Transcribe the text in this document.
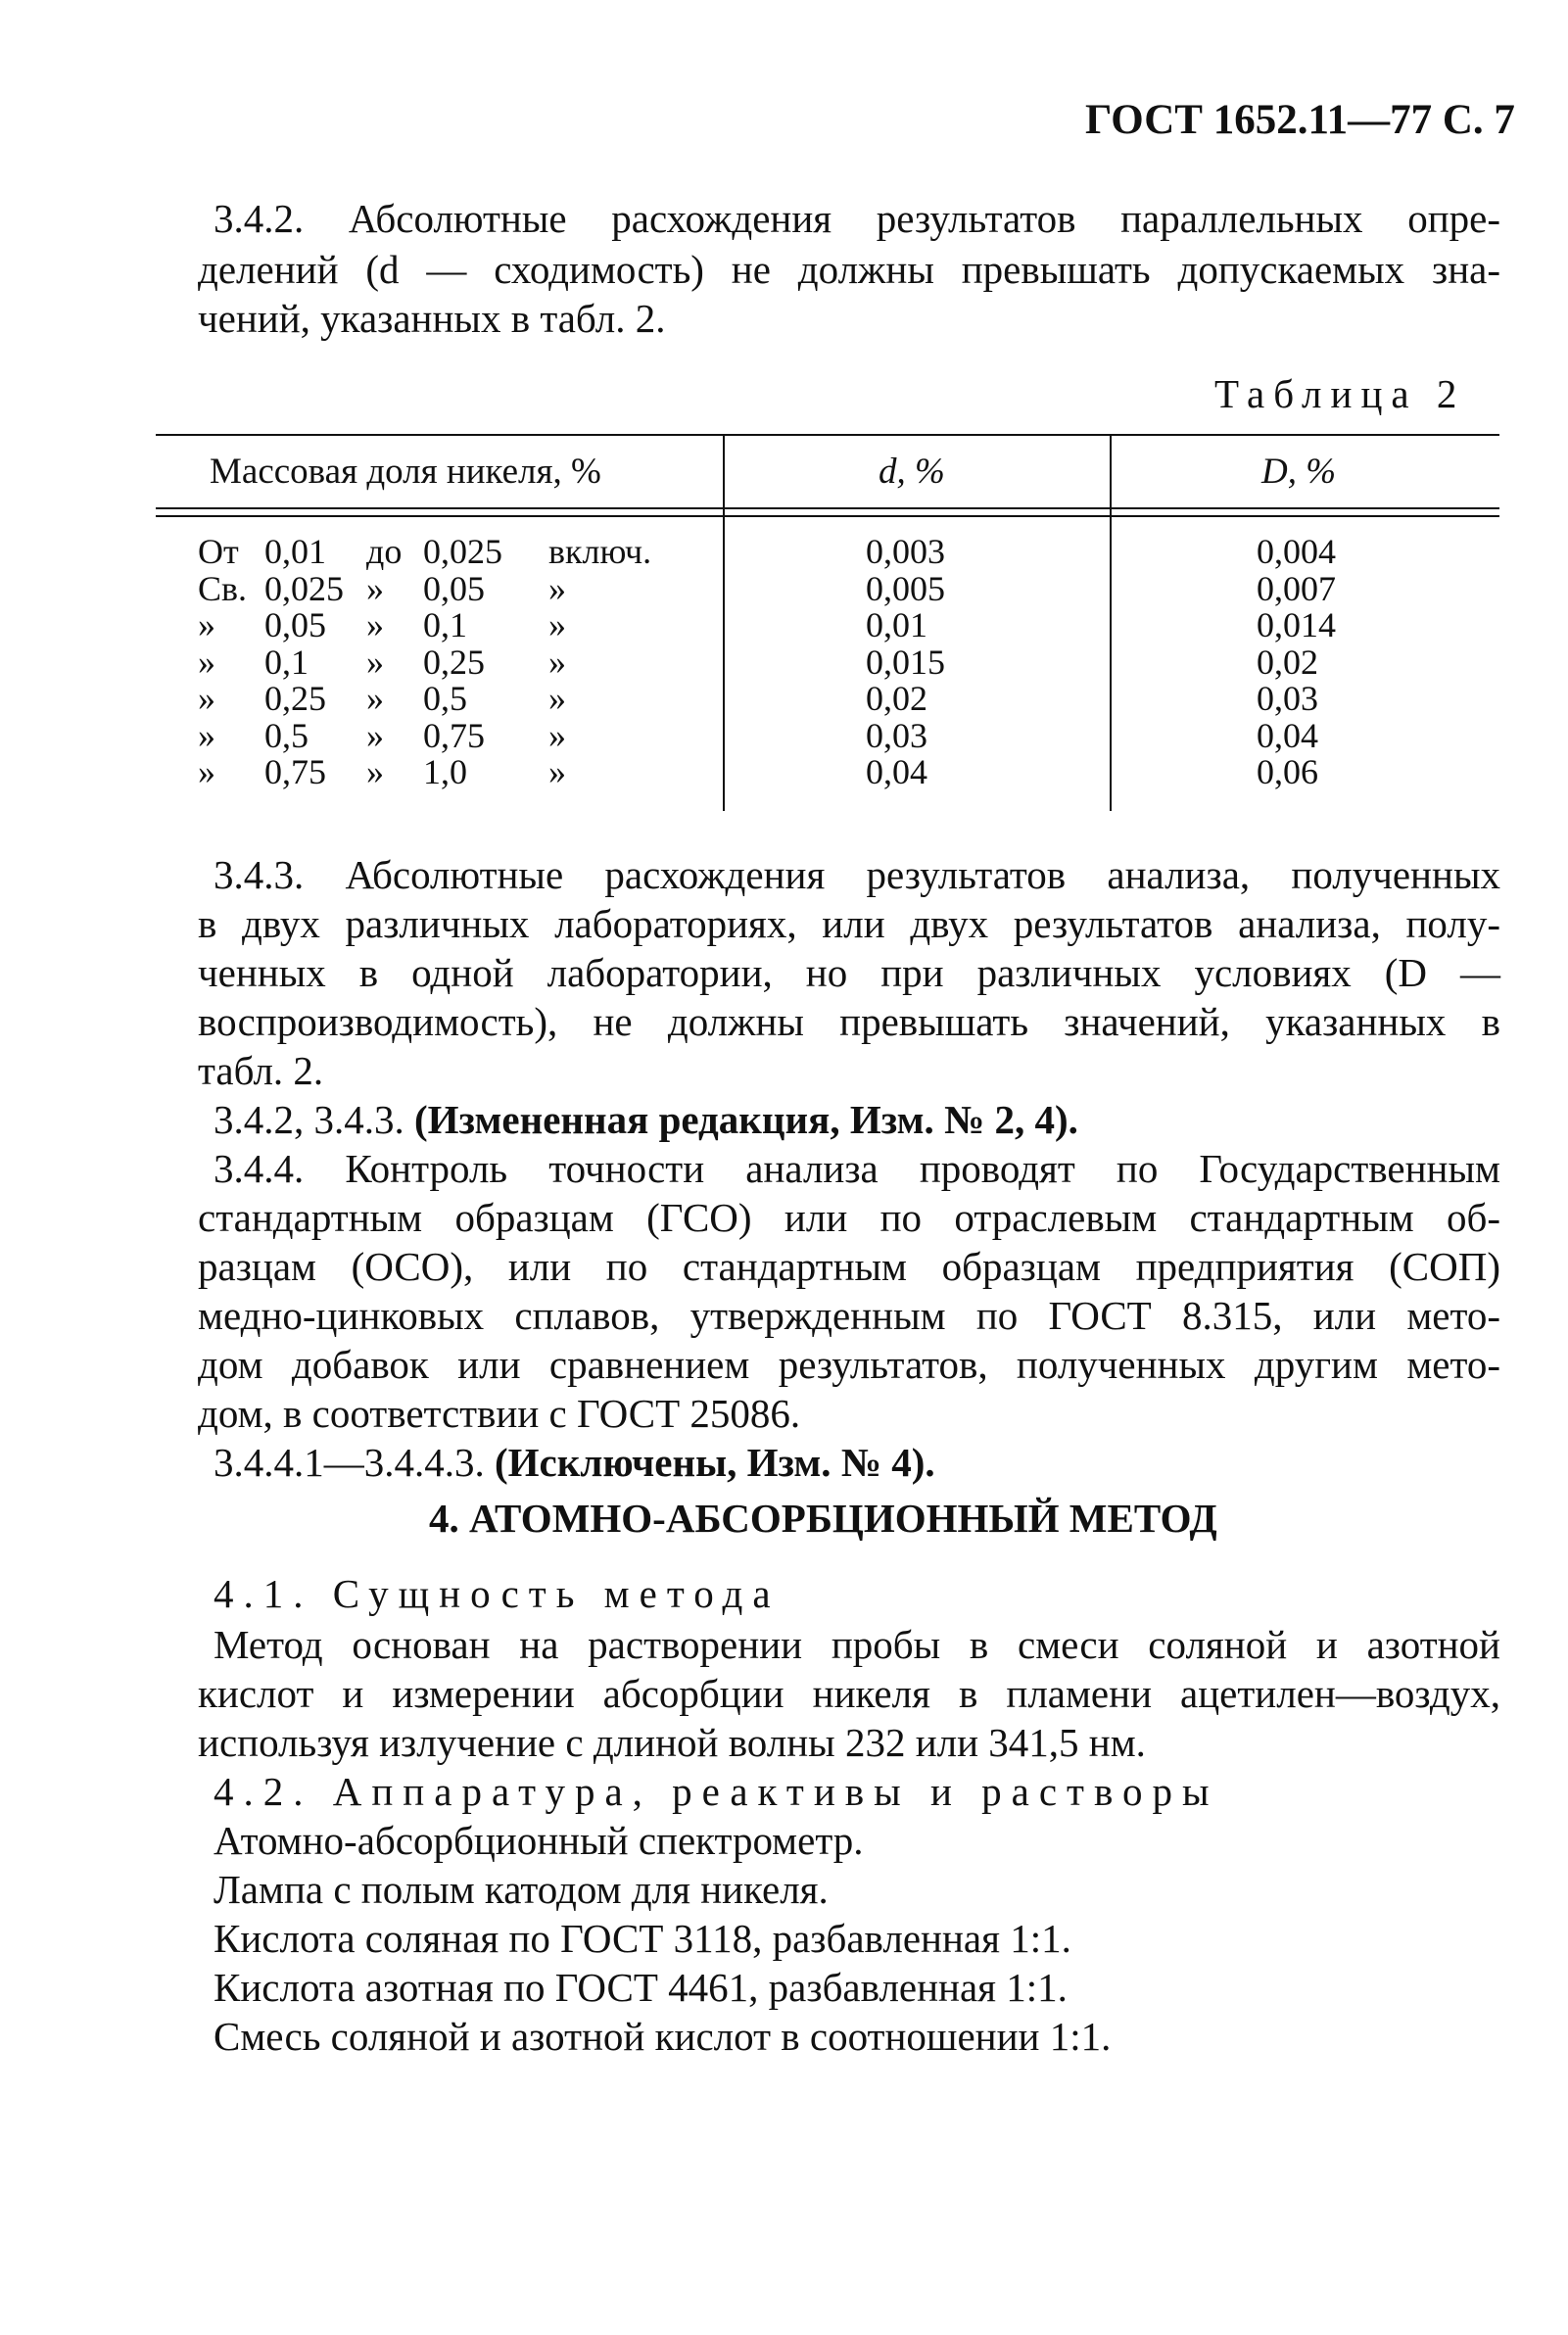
ГОСТ 1652.11—77 С. 7
3.4.2. Абсолютные расхождения результатов параллельных опре-
делений (d — сходимость) не должны превышать допускаемых зна-
чений, указанных в табл. 2.
Таблица 2
Массовая доля никеля, %	d, %	D, %
От 0,01 до 0,025 включ.	0,003	0,004
Св. 0,025 » 0,05 »	0,005	0,007
» 0,05 » 0,1 »	0,01	0,014
» 0,1 » 0,25 »	0,015	0,02
» 0,25 » 0,5 »	0,02	0,03
» 0,5 » 0,75 »	0,03	0,04
» 0,75 » 1,0 »	0,04	0,06
3.4.3. Абсолютные расхождения результатов анализа, полученных
в двух различных лабораториях, или двух результатов анализа, полу-
ченных в одной лаборатории, но при различных условиях (D —
воспроизводимость), не должны превышать значений, указанных в
табл. 2.
3.4.2, 3.4.3. (Измененная редакция, Изм. № 2, 4).
3.4.4. Контроль точности анализа проводят по Государственным
стандартным образцам (ГСО) или по отраслевым стандартным об-
разцам (ОСО), или по стандартным образцам предприятия (СОП)
медно-цинковых сплавов, утвержденным по ГОСТ 8.315, или мето-
дом добавок или сравнением результатов, полученных другим мето-
дом, в соответствии с ГОСТ 25086.
3.4.4.1—3.4.4.3. (Исключены, Изм. № 4).
4. АТОМНО-АБСОРБЦИОННЫЙ МЕТОД
4.1. Сущность метода
Метод основан на растворении пробы в смеси соляной и азотной
кислот и измерении абсорбции никеля в пламени ацетилен—воздух,
используя излучение с длиной волны 232 или 341,5 нм.
4.2. Аппаратура, реактивы и растворы
Атомно-абсорбционный спектрометр.
Лампа с полым катодом для никеля.
Кислота соляная по ГОСТ 3118, разбавленная 1:1.
Кислота азотная по ГОСТ 4461, разбавленная 1:1.
Смесь соляной и азотной кислот в соотношении 1:1.
